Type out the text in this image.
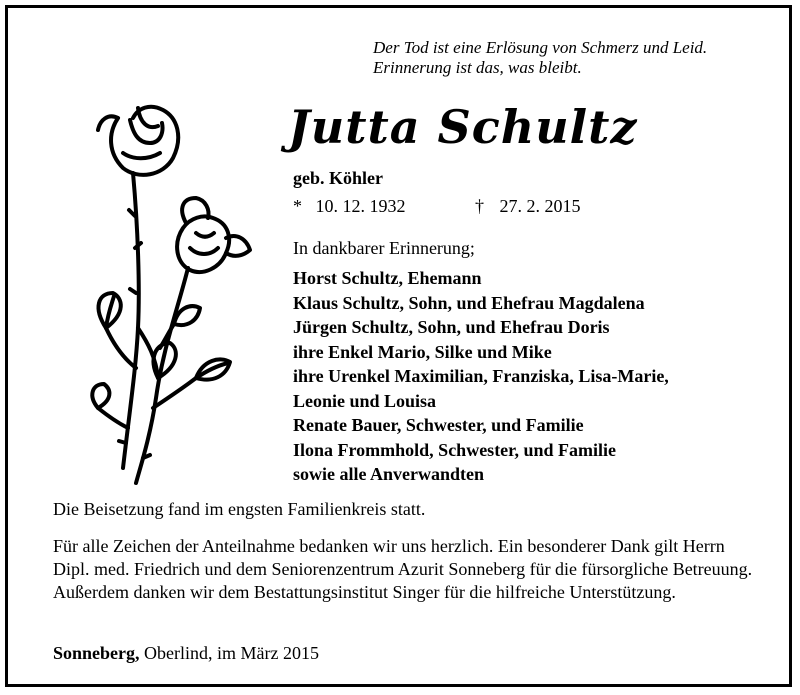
Der Tod ist eine Erlösung von Schmerz und Leid.
Erinnerung ist das, was bleibt.
Jutta Schultz
geb. Köhler
* 10. 12. 1932	† 27. 2. 2015
In dankbarer Erinnerung;
Horst Schultz, Ehemann
Klaus Schultz, Sohn, und Ehefrau Magdalena
Jürgen Schultz, Sohn, und Ehefrau Doris
ihre Enkel Mario, Silke und Mike
ihre Urenkel Maximilian, Franziska, Lisa-Marie,
Leonie und Louisa
Renate Bauer, Schwester, und Familie
Ilona Frommhold, Schwester, und Familie
sowie alle Anverwandten

Die Beisetzung fand im engsten Familienkreis statt.

Für alle Zeichen der Anteilnahme bedanken wir uns herzlich. Ein besonderer Dank gilt Herrn Dipl. med. Friedrich und dem Seniorenzentrum Azurit Sonneberg für die fürsorgliche Betreuung. Außerdem danken wir dem Bestattungsinstitut Singer für die hilfreiche Unterstützung.

Sonneberg, Oberlind, im März 2015
